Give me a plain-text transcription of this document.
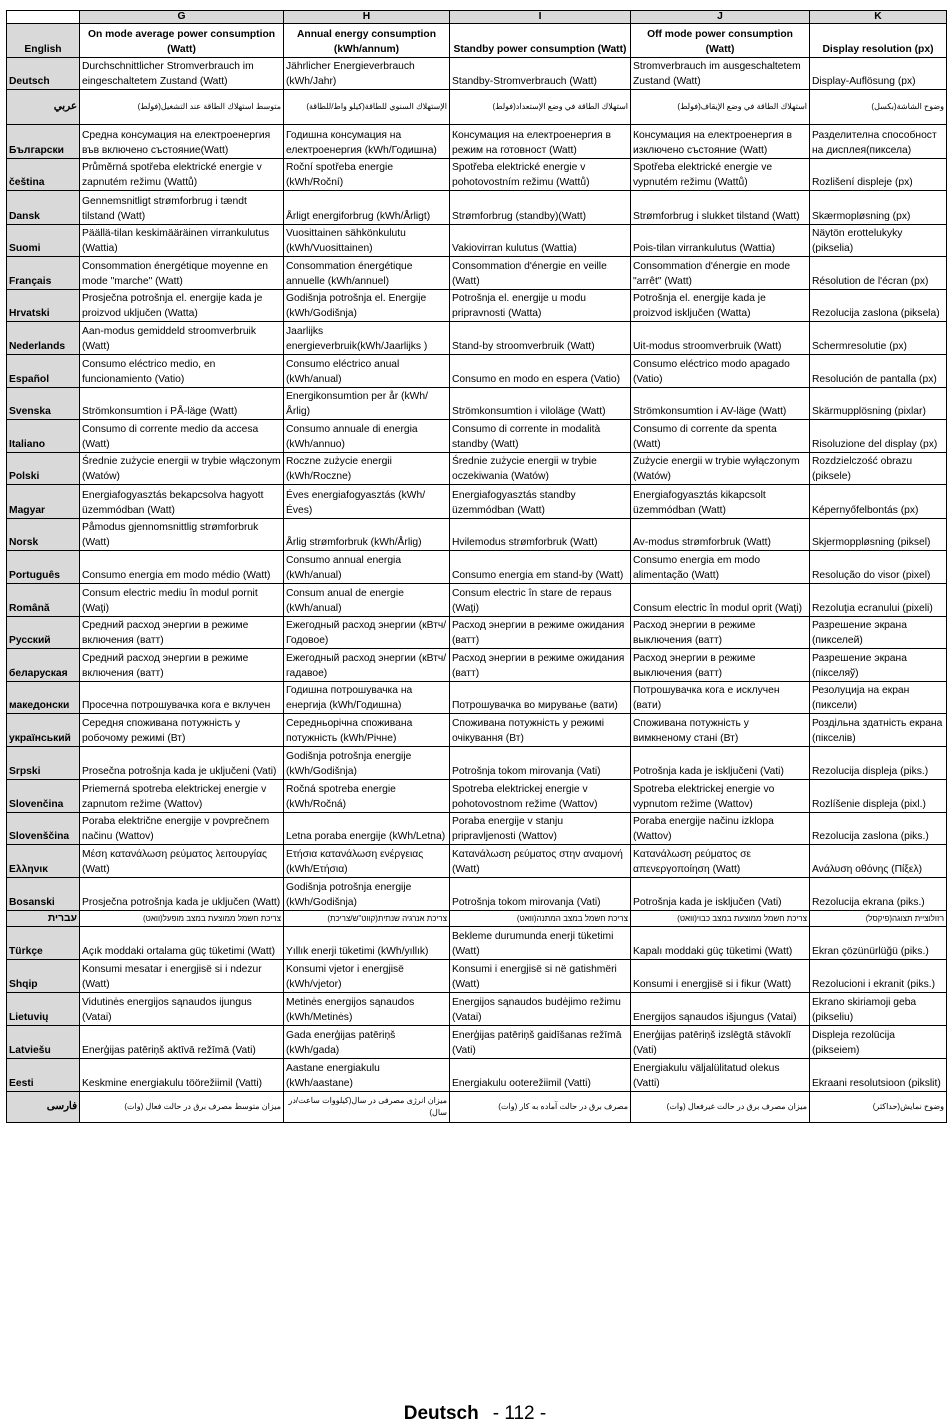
	G	H	I	J	K
English	On mode average power consumption (Watt)	Annual energy consumption (kWh/annum)	Standby power consumption (Watt)	Off mode power consumption (Watt)	Display resolution (px)
Deutsch	Durchschnittlicher Stromverbrauch im eingeschaltetem Zustand (Watt)	Jährlicher Energieverbrauch (kWh/Jahr)	Standby-Stromverbrauch (Watt)	Stromverbrauch im ausgeschaltetem Zustand (Watt)	Display-Auflösung (px)
عربي	متوسط استهلاك الطاقة عند التشغيل(فولط)	الإستهلاك السنوي للطاقة(كيلو واط/للطاقة)	استهلاك الطاقة في وضع الإستعداد(فولط)	استهلاك الطاقة في وضع الإيقاف(فولط)	وضوح الشاشة(بكسل)
Български	Средна консумация на електроенергия във включено състояние(Watt)	Годишна консумация на електроенергия (kWh/Годишна)	Консумация на електроенергия в режим на готовност (Watt)	Консумация на електроенергия в изключено състояние (Watt)	Разделителна способност на дисплея(пиксела)
čeština	Průměrná spotřeba elektrické energie v zapnutém režimu (Wattů)	Roční spotřeba energie (kWh/Roční)	Spotřeba elektrické energie v pohotovostním režimu (Wattů)	Spotřeba elektrické energie ve vypnutém režimu (Wattů)	Rozlišení displeje (px)
Dansk	Gennemsnitligt strømforbrug i tændt tilstand (Watt)	Årligt energiforbrug (kWh/Årligt)	Strømforbrug (standby)(Watt)	Strømforbrug i slukket tilstand (Watt)	Skærmopløsning (px)
Suomi	Päällä-tilan keskimääräinen virrankulutus (Wattia)	Vuosittainen sähkönkulutu (kWh/Vuosittainen)	Vakiovirran kulutus (Wattia)	Pois-tilan virrankulutus (Wattia)	Näytön erottelukyky (pikselia)
Français	Consommation énergétique moyenne en mode "marche" (Watt)	Consommation énergétique annuelle (kWh/annuel)	Consommation d'énergie en veille (Watt)	Consommation d'énergie en mode "arrêt" (Watt)	Résolution de l'écran (px)
Hrvatski	Prosječna potrošnja el. energije kada je proizvod uključen (Watta)	Godišnja potrošnja el. Energije (kWh/Godišnja)	Potrošnja el. energije u modu pripravnosti (Watta)	Potrošnja el. energije kada je proizvod isključen (Watta)	Rezolucija zaslona (piksela)
Nederlands	Aan-modus gemiddeld stroomverbruik (Watt)	Jaarlijks energieverbruik(kWh/Jaarlijks )	Stand-by stroomverbruik (Watt)	Uit-modus stroomverbruik (Watt)	Schermresolutie (px)
Español	Consumo eléctrico medio, en funcionamiento (Vatio)	Consumo eléctrico anual (kWh/anual)	Consumo en modo en espera (Vatio)	Consumo eléctrico modo apagado (Vatio)	Resolución de pantalla (px)
Svenska	Strömkonsumtion i PÅ-läge (Watt)	Energikonsumtion per år (kWh/Årlig)	Strömkonsumtion i viloläge (Watt)	Strömkonsumtion i AV-läge (Watt)	Skärmupplösning (pixlar)
Italiano	Consumo di corrente medio da accesa (Watt)	Consumo annuale di energia (kWh/annuo)	Consumo di corrente in modalità standby (Watt)	Consumo di corrente da spenta (Watt)	Risoluzione del display (px)
Polski	Średnie zużycie energii w trybie włączonym (Watów)	Roczne zużycie energii (kWh/Roczne)	Średnie zużycie energii w trybie oczekiwania (Watów)	Zużycie energii w trybie wyłączonym (Watów)	Rozdzielczość obrazu (piksele)
Magyar	Energiafogyasztás bekapcsolva hagyott üzemmódban (Watt)	Éves energiafogyasztás (kWh/Éves)	Energiafogyasztás standby üzemmódban (Watt)	Energiafogyasztás kikapcsolt üzemmódban (Watt)	Képernyőfelbontás (px)
Norsk	Påmodus gjennomsnittlig strømforbruk (Watt)	Årlig strømforbruk (kWh/Årlig)	Hvilemodus strømforbruk (Watt)	Av-modus strømforbruk (Watt)	Skjermoppløsning (piksel)
Português	Consumo energia em modo médio (Watt)	Consumo annual energia (kWh/anual)	Consumo energia em stand-by (Watt)	Consumo energia em modo alimentação (Watt)	Resolução do visor (pixel)
Română	Consum electric mediu în modul pornit (Waţi)	Consum anual de energie (kWh/anual)	Consum electric în stare de repaus (Waţi)	Consum electric în modul oprit (Waţi)	Rezoluţia ecranului (pixeli)
Русский	Средний расход энергии в режиме включения (ватт)	Ежегодный расход энергии (кВтч/Годовое)	Расход энергии в режиме ожидания (ватт)	Расход энергии в режиме выключения (ватт)	Разрешение экрана (пикселей)
беларуская	Средний расход энергии в режиме включения (ватт)	Ежегодный расход энергии (кВтч/гадавое)	Расход энергии в режиме ожидания (ватт)	Расход энергии в режиме выключения (ватт)	Разрешение экрана (пікселяў)
македонски	Просечна потрошувачка кога е вклучен	Годишна потрошувачка на енергија (kWh/Годишна)	Потрошувачка во мирување (вати)	Потрошувачка кога е исклучен (вати)	Резолуција на екран (пиксели)
український	Середня споживана потужність у робочому режимі (Вт)	Середньорічна споживана потужність (kWh/Річне)	Споживана потужність у режимі очікування (Вт)	Споживана потужність у вимкненому стані (Вт)	Роздільна здатність екрана (пікселів)
Srpski	Prosečna potrošnja kada je uključeni (Vati)	Godišnja potrošnja energije (kWh/Godišnja)	Potrošnja tokom mirovanja (Vati)	Potrošnja kada je isključeni (Vati)	Rezolucija displeja (piks.)
Slovenčina	Priemerná spotreba elektrickej energie v zapnutom režime (Wattov)	Ročná spotreba energie (kWh/Ročná)	Spotreba elektrickej energie v pohotovostnom režime (Wattov)	Spotreba elektrickej energie vo vypnutom režime (Wattov)	Rozlíšenie displeja (pixl.)
Slovenščina	Poraba električne energije v povprečnem načinu (Wattov)	Letna poraba energije (kWh/Letna)	Poraba energije v stanju pripravljenosti (Wattov)	Poraba energije načinu izklopa (Wattov)	Rezolucija zaslona (piks.)
Ελληνικ	Μέση κατανάλωση ρεύματος λειτουργίας (Watt)	Ετήσια κατανάλωση ενέργειας (kWh/Ετήσια)	Κατανάλωση ρεύματος στην αναμονή (Watt)	Κατανάλωση ρεύματος σε απενεργοποίηση (Watt)	Ανάλυση οθόνης (Πίξελ)
Bosanski	Prosječna potrošnja kada je uključen (Watt)	Godišnja potrošnja energije (kWh/Godišnja)	Potrošnja tokom mirovanja (Vati)	Potrošnja kada je isključen (Vati)	Rezolucija ekrana (piks.)
עברית	צריכת חשמל ממוצעת במצב מופעל(וואט)	צריכת אנרגיה שנתית(קווט"ש/צריכת)	צריכת חשמל במצב המתנה(וואט)	צריכת חשמל ממוצעת במצב כבוי(וואט)	רזולוציית תצוגה(פיקסל)
Türkçe	Açık moddaki ortalama güç tüketimi (Watt)	Yıllık enerji tüketimi (kWh/yıllık)	Bekleme durumunda enerji tüketimi (Watt)	Kapalı moddaki güç tüketimi (Watt)	Ekran çözünürlüğü (piks.)
Shqip	Konsumi mesatar i energjisë si i ndezur (Watt)	Konsumi vjetor i energjisë (kWh/vjetor)	Konsumi i energjisë si në gatishmëri (Watt)	Konsumi i energjisë si i fikur (Watt)	Rezolucioni i ekranit (piks.)
Lietuvių	Vidutinės energijos sąnaudos ijungus (Vatai)	Metinės energijos sąnaudos (kWh/Metinės)	Energijos sąnaudos budėjimo režimu (Vatai)	Energijos sąnaudos išjungus (Vatai)	Ekrano skiriamoji geba (pikseliu)
Latviešu	Enerģijas patēriņš aktīvā režīmā (Vati)	Gada enerģijas patēriņš (kWh/gada)	Enerģijas patēriņš gaidīšanas režīmā (Vati)	Enerģijas patēriņš izslēgtā stāvoklī (Vati)	Displeja rezolūcija (pikseiem)
Eesti	Keskmine energiakulu töörežiimil (Vatti)	Aastane energiakulu (kWh/aastane)	Energiakulu ooterežiimil (Vatti)	Energiakulu väljalülitatud olekus (Vatti)	Ekraani resolutsioon (pikslit)
فارسی	میزان متوسط مصرف برق در حالت فعال (وات)	میزان انرژی مصرفی در سال(کیلووات ساعت/در سال)	مصرف برق در حالت آماده به کار (وات)	میزان مصرف برق در حالت غیرفعال (وات)	وضوح نمایش(حداکثر)
Deutsch - 112 -
